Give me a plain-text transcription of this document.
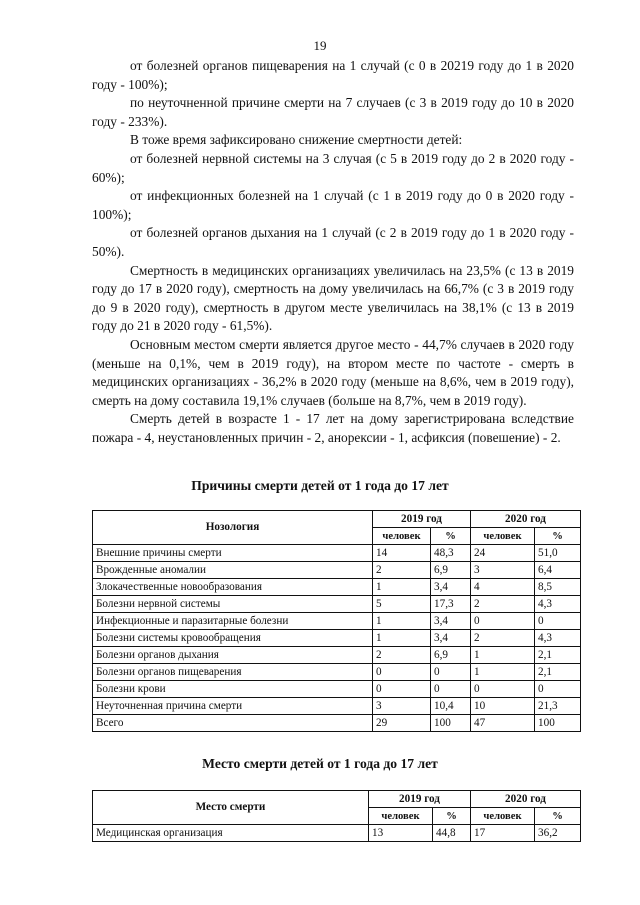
19

от болезней органов пищеварения на 1 случай (с 0 в 20219 году до 1 в 2020 году - 100%);

по неуточненной причине смерти на 7 случаев (с 3 в 2019 году до 10 в 2020 году - 233%).

В тоже время зафиксировано снижение смертности детей:

от болезней нервной системы на 3 случая (с 5 в 2019 году до 2 в 2020 году - 60%);

от инфекционных болезней на 1 случай (с 1 в 2019 году до 0 в 2020 году - 100%);

от болезней органов дыхания на 1 случай (с 2 в 2019 году до 1 в 2020 году - 50%).

Смертность в медицинских организациях увеличилась на 23,5% (с 13 в 2019 году до 17 в 2020 году), смертность на дому увеличилась на 66,7% (с 3 в 2019 году до 9 в 2020 году), смертность в другом месте увеличилась на 38,1% (с 13 в 2019 году до 21 в 2020 году - 61,5%).

Основным местом смерти является другое место - 44,7% случаев в 2020 году (меньше на 0,1%, чем в 2019 году), на втором месте по частоте - смерть в медицинских организациях - 36,2% в 2020 году (меньше на 8,6%, чем в 2019 году), смерть на дому составила 19,1% случаев (больше на 8,7%, чем в 2019 году).

Смерть детей в возрасте 1 - 17 лет на дому зарегистрирована вследствие пожара - 4, неустановленных причин - 2, анорексии - 1, асфиксия (повешение) - 2.

Причины смерти детей от 1 года до 17 лет
Нозология	2019 год		2020 год	
	человек	%	человек	%
Внешние причины смерти	14	48,3	24	51,0
Врожденные аномалии	2	6,9	3	6,4
Злокачественные новообразования	1	3,4	4	8,5
Болезни нервной системы	5	17,3	2	4,3
Инфекционные и паразитарные болезни	1	3,4	0	0
Болезни системы кровообращения	1	3,4	2	4,3
Болезни органов дыхания	2	6,9	1	2,1
Болезни органов пищеварения	0	0	1	2,1
Болезни крови	0	0	0	0
Неуточненная причина смерти	3	10,4	10	21,3
Всего	29	100	47	100
Место смерти детей от 1 года до 17 лет
Место смерти	2019 год		2020 год	
	человек	%	человек	%
Медицинская организация	13	44,8	17	36,2
